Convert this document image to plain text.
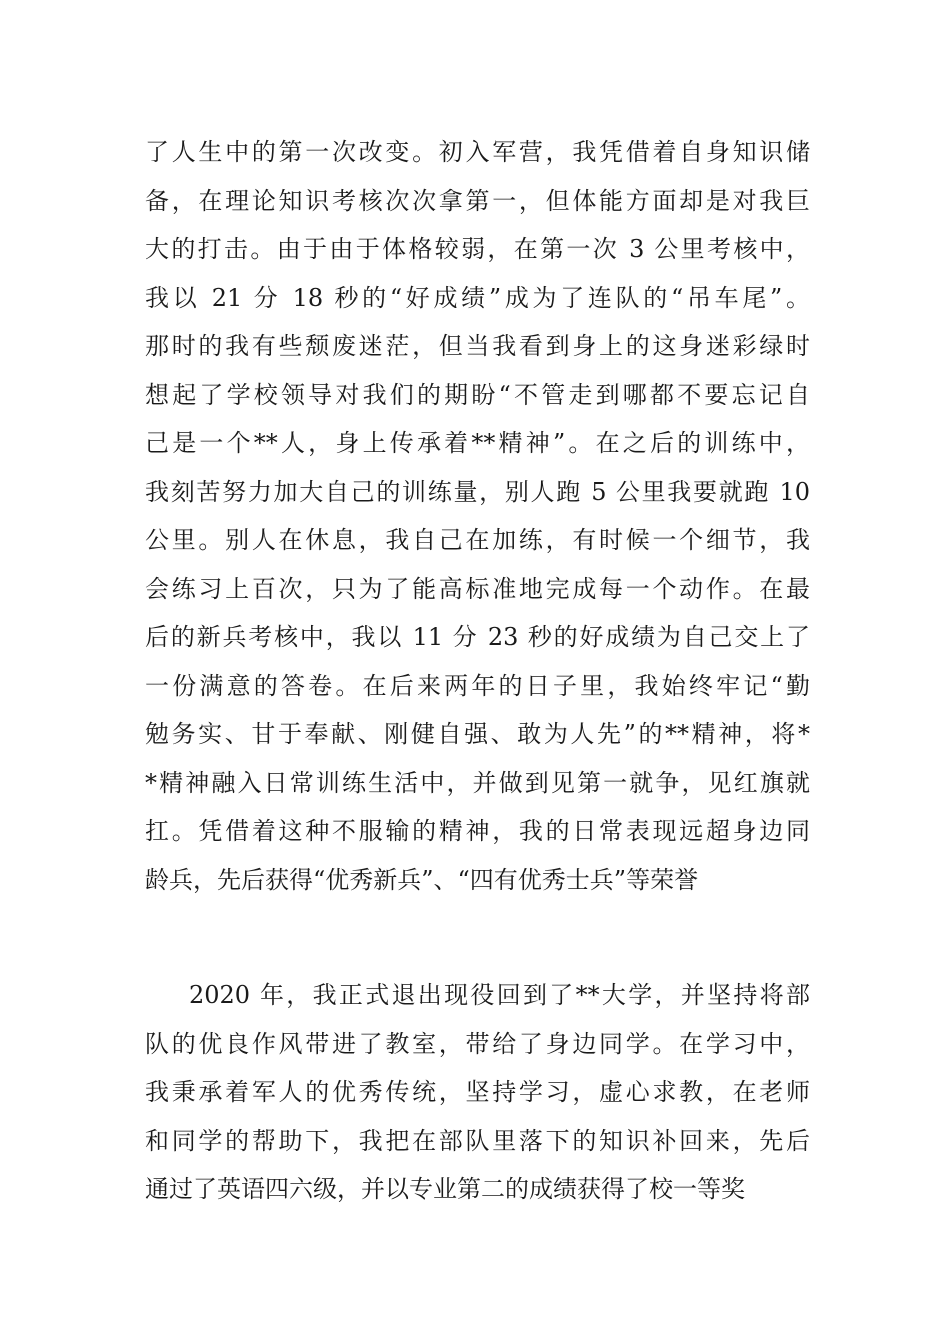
了人生中的第一次改变。初入军营，我凭借着自身知识储
备，在理论知识考核次次拿第一，但体能方面却是对我巨
大的打击。由于由于体格较弱，在第一次 3 公里考核中，
我以 21 分 18 秒的“好成绩”成为了连队的“吊车尾”。
那时的我有些颓废迷茫，但当我看到身上的这身迷彩绿时
想起了学校领导对我们的期盼“不管走到哪都不要忘记自
己是一个**人，身上传承着**精神”。在之后的训练中，
我刻苦努力加大自己的训练量，别人跑 5 公里我要就跑 10
公里。别人在休息，我自己在加练，有时候一个细节，我
会练习上百次，只为了能高标准地完成每一个动作。在最
后的新兵考核中，我以 11 分 23 秒的好成绩为自己交上了
一份满意的答卷。在后来两年的日子里，我始终牢记“勤
勉务实、甘于奉献、刚健自强、敢为人先”的**精神，将*
*精神融入日常训练生活中，并做到见第一就争，见红旗就
扛。凭借着这种不服输的精神，我的日常表现远超身边同
龄兵，先后获得“优秀新兵”、“四有优秀士兵”等荣誉
2020 年，我正式退出现役回到了**大学，并坚持将部
队的优良作风带进了教室，带给了身边同学。在学习中，
我秉承着军人的优秀传统，坚持学习，虚心求教，在老师
和同学的帮助下，我把在部队里落下的知识补回来，先后
通过了英语四六级，并以专业第二的成绩获得了校一等奖
